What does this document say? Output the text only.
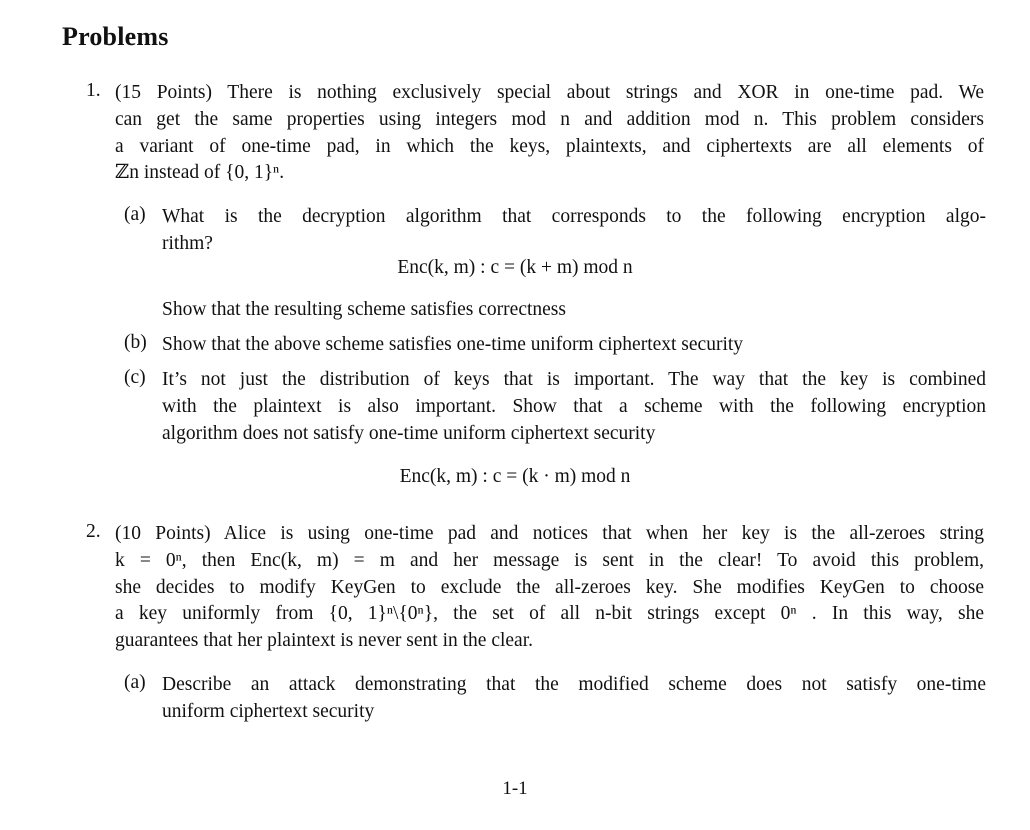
Problems
1. (15 Points) There is nothing exclusively special about strings and XOR in one-time pad. We
can get the same properties using integers mod n and addition mod n. This problem considers
a variant of one-time pad, in which the keys, plaintexts, and ciphertexts are all elements of
ℤn instead of {0, 1}ⁿ.
(a) What is the decryption algorithm that corresponds to the following encryption algo-
rithm?
Enc(k, m) : c = (k + m) mod n
Show that the resulting scheme satisfies correctness
(b) Show that the above scheme satisfies one-time uniform ciphertext security
(c) It’s not just the distribution of keys that is important. The way that the key is combined
with the plaintext is also important. Show that a scheme with the following encryption
algorithm does not satisfy one-time uniform ciphertext security
Enc(k, m) : c = (k · m) mod n
2. (10 Points) Alice is using one-time pad and notices that when her key is the all-zeroes string
k = 0ⁿ, then Enc(k, m) = m and her message is sent in the clear! To avoid this problem,
she decides to modify KeyGen to exclude the all-zeroes key. She modifies KeyGen to choose
a key uniformly from {0, 1}ⁿ\{0ⁿ}, the set of all n-bit strings except 0ⁿ . In this way, she
guarantees that her plaintext is never sent in the clear.
(a) Describe an attack demonstrating that the modified scheme does not satisfy one-time
uniform ciphertext security
1-1
